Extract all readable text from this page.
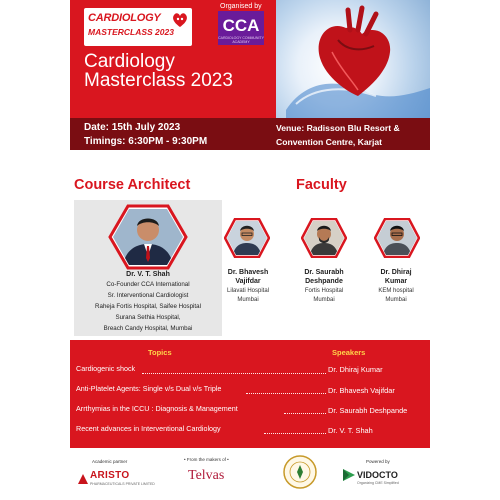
CARDIOLOGY
MASTERCLASS 2023
Organised by
CCA
CARDIOLOGY COMMUNITY ACADEMY
Cardiology Masterclass 2023
Date: 15th July 2023
Timings: 6:30PM - 9:30PM
Venue: Radisson Blu Resort &
Convention Centre, Karjat
Course Architect	Faculty
Dr. V. T. Shah
Co-Founder CCA International
Sr. Interventional Cardiologist
Raheja Fortis Hospital, Saifee Hospital
Surana Sethia Hospital,
Breach Candy Hospital, Mumbai
Dr. Bhavesh
Vajifdar
Lilavati Hospital
Mumbai
Dr. Saurabh
Deshpande
Fortis Hospital
Mumbai
Dr. Dhiraj
Kumar
KEM hospital
Mumbai
Topics	Speakers
Cardiogenic shock	Dr. Dhiraj Kumar
Anti-Platelet Agents: Single v/s Dual v/s Triple	Dr. Bhavesh Vajifdar
Arrthymias in the ICCU : Diagnosis & Management	Dr. Saurabh Deshpande
Recent advances in Interventional Cardiology	Dr. V. T. Shah
Academic partner
ARISTO
PHARMACEUTICALS PRIVATE LIMITED
• From the makers of •
Telvas
Powered by
VIDOCTO
Organizing CME Simplified
